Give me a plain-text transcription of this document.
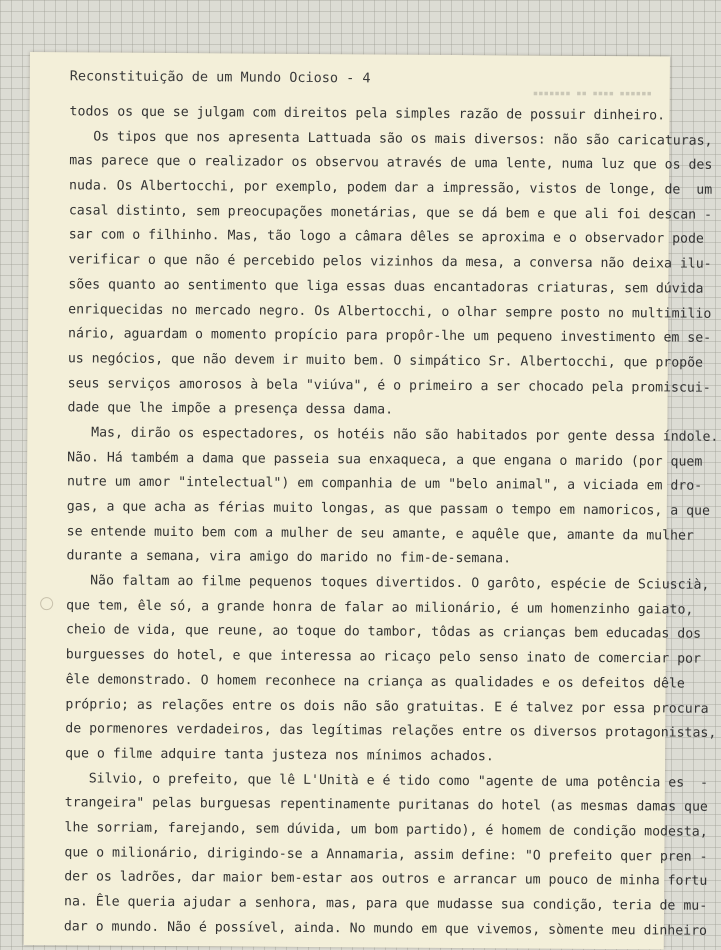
Reconstituição de um Mundo Ocioso - 4
▪▪▪▪▪▪▪ ▪▪ ▪▪▪▪ ▪▪▪▪▪▪
todos os que se julgam com direitos pela simples razão de possuir dinheiro.
Os tipos que nos apresenta Lattuada são os mais diversos: não são caricaturas,
mas parece que o realizador os observou através de uma lente, numa luz que os des
nuda. Os Albertocchi, por exemplo, podem dar a impressão, vistos de longe, de  um
casal distinto, sem preocupações monetárias, que se dá bem e que ali foi descan -
sar com o filhinho. Mas, tão logo a câmara dêles se aproxima e o observador pode
verificar o que não é percebido pelos vizinhos da mesa, a conversa não deixa ilu-
sões quanto ao sentimento que liga essas duas encantadoras criaturas, sem dúvida
enriquecidas no mercado negro. Os Albertocchi, o olhar sempre posto no multimilio
nário, aguardam o momento propício para propôr-lhe um pequeno investimento em se-
us negócios, que não devem ir muito bem. O simpático Sr. Albertocchi, que propõe
seus serviços amorosos à bela "viúva", é o primeiro a ser chocado pela promiscui-
dade que lhe impõe a presença dessa dama.
Mas, dirão os espectadores, os hotéis não são habitados por gente dessa índole.
Não. Há também a dama que passeia sua enxaqueca, a que engana o marido (por quem
nutre um amor "intelectual") em companhia de um "belo animal", a viciada em dro-
gas, a que acha as férias muito longas, as que passam o tempo em namoricos, a que
se entende muito bem com a mulher de seu amante, e aquêle que, amante da mulher
durante a semana, vira amigo do marido no fim-de-semana.
Não faltam ao filme pequenos toques divertidos. O garôto, espécie de Sciuscià,
que tem, êle só, a grande honra de falar ao milionário, é um homenzinho gaiato,
cheio de vida, que reune, ao toque do tambor, tôdas as crianças bem educadas dos
burguesses do hotel, e que interessa ao ricaço pelo senso inato de comerciar por
êle demonstrado. O homem reconhece na criança as qualidades e os defeitos dêle
próprio; as relações entre os dois não são gratuitas. E é talvez por essa procura
de pormenores verdadeiros, das legítimas relações entre os diversos protagonistas,
que o filme adquire tanta justeza nos mínimos achados.
Silvio, o prefeito, que lê L'Unità e é tido como "agente de uma potência es  -
trangeira" pelas burguesas repentinamente puritanas do hotel (as mesmas damas que
lhe sorriam, farejando, sem dúvida, um bom partido), é homem de condição modesta,
que o milionário, dirigindo-se a Annamaria, assim define: "O prefeito quer pren -
der os ladrões, dar maior bem-estar aos outros e arrancar um pouco de minha fortu
na. Êle queria ajudar a senhora, mas, para que mudasse sua condição, teria de mu-
dar o mundo. Não é possível, ainda. No mundo em que vivemos, sòmente meu dinheiro
